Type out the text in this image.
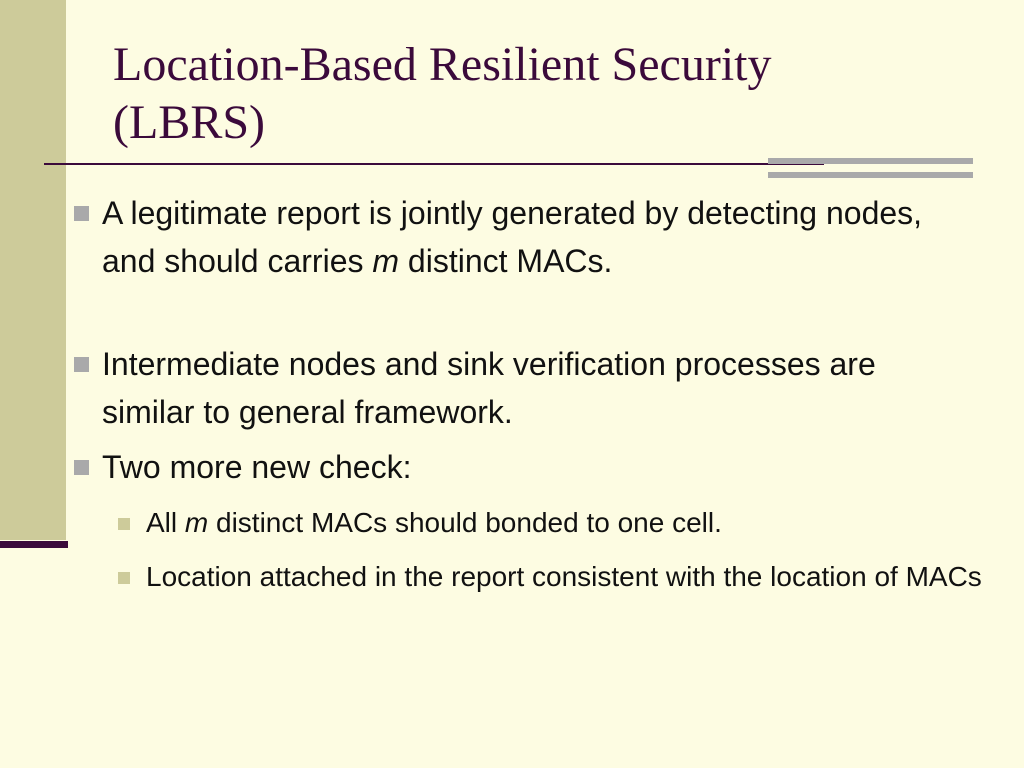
Location-Based Resilient Security
(LBRS)
A legitimate report is jointly generated by detecting nodes, and should carries m distinct MACs.
Intermediate nodes and sink verification processes are similar to general framework.
Two more new check:
All m distinct MACs should bonded to one cell.
Location attached in the report consistent with the location of MACs
